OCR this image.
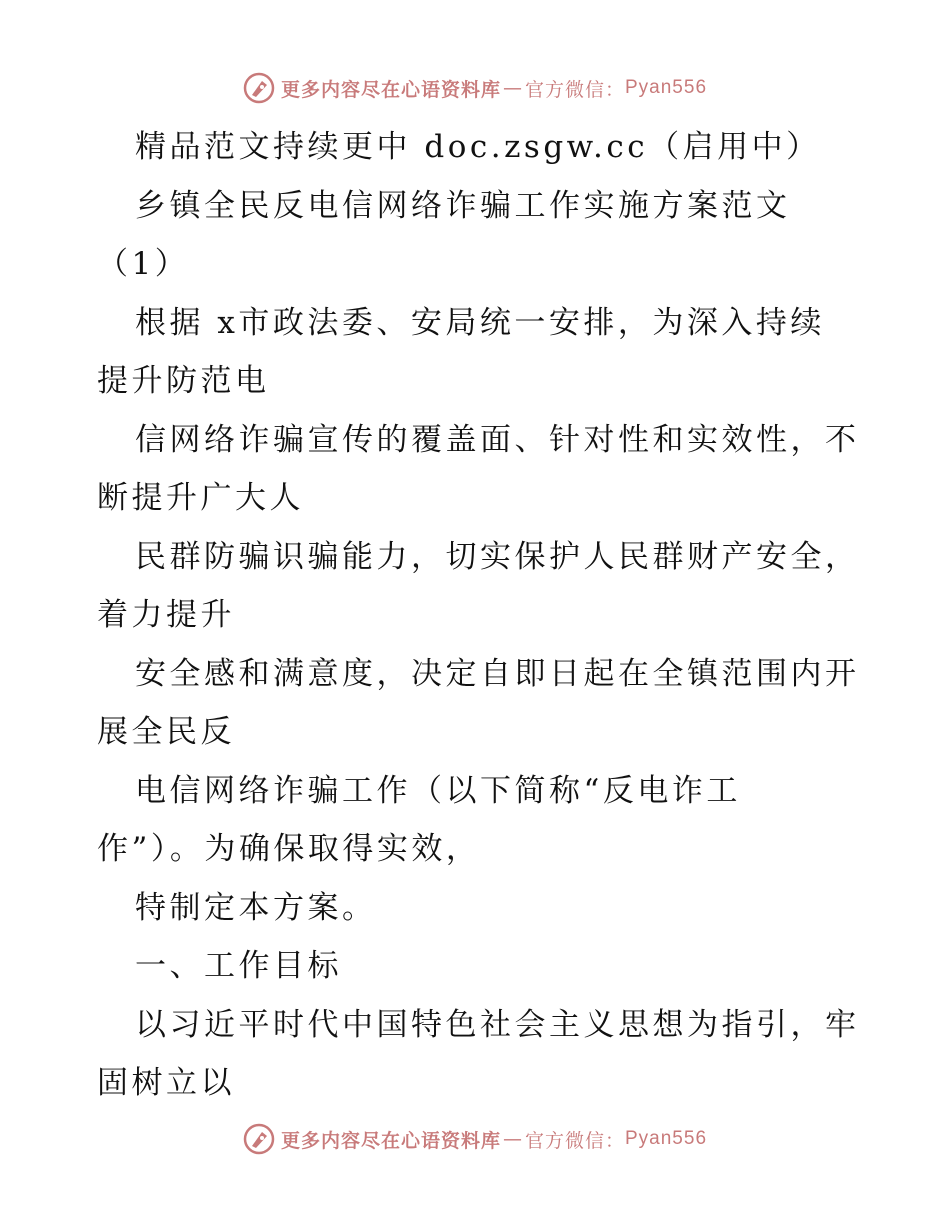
更多内容尽在心语资料库 — 官方微信： Pyan556

精品范文持续更中 doc.zsgw.cc（启用中）

乡镇全民反电信网络诈骗工作实施方案范文

（1）

根据 x市政法委、安局统一安排，为深入持续

提升防范电

信网络诈骗宣传的覆盖面、针对性和实效性，不

断提升广大人

民群防骗识骗能力，切实保护人民群财产安全，

着力提升

安全感和满意度，决定自即日起在全镇范围内开

展全民反

电信网络诈骗工作（以下简称“反电诈工

作”）。为确保取得实效，

特制定本方案。

一、工作目标

以习近平时代中国特色社会主义思想为指引，牢

固树立以

更多内容尽在心语资料库 — 官方微信： Pyan556
